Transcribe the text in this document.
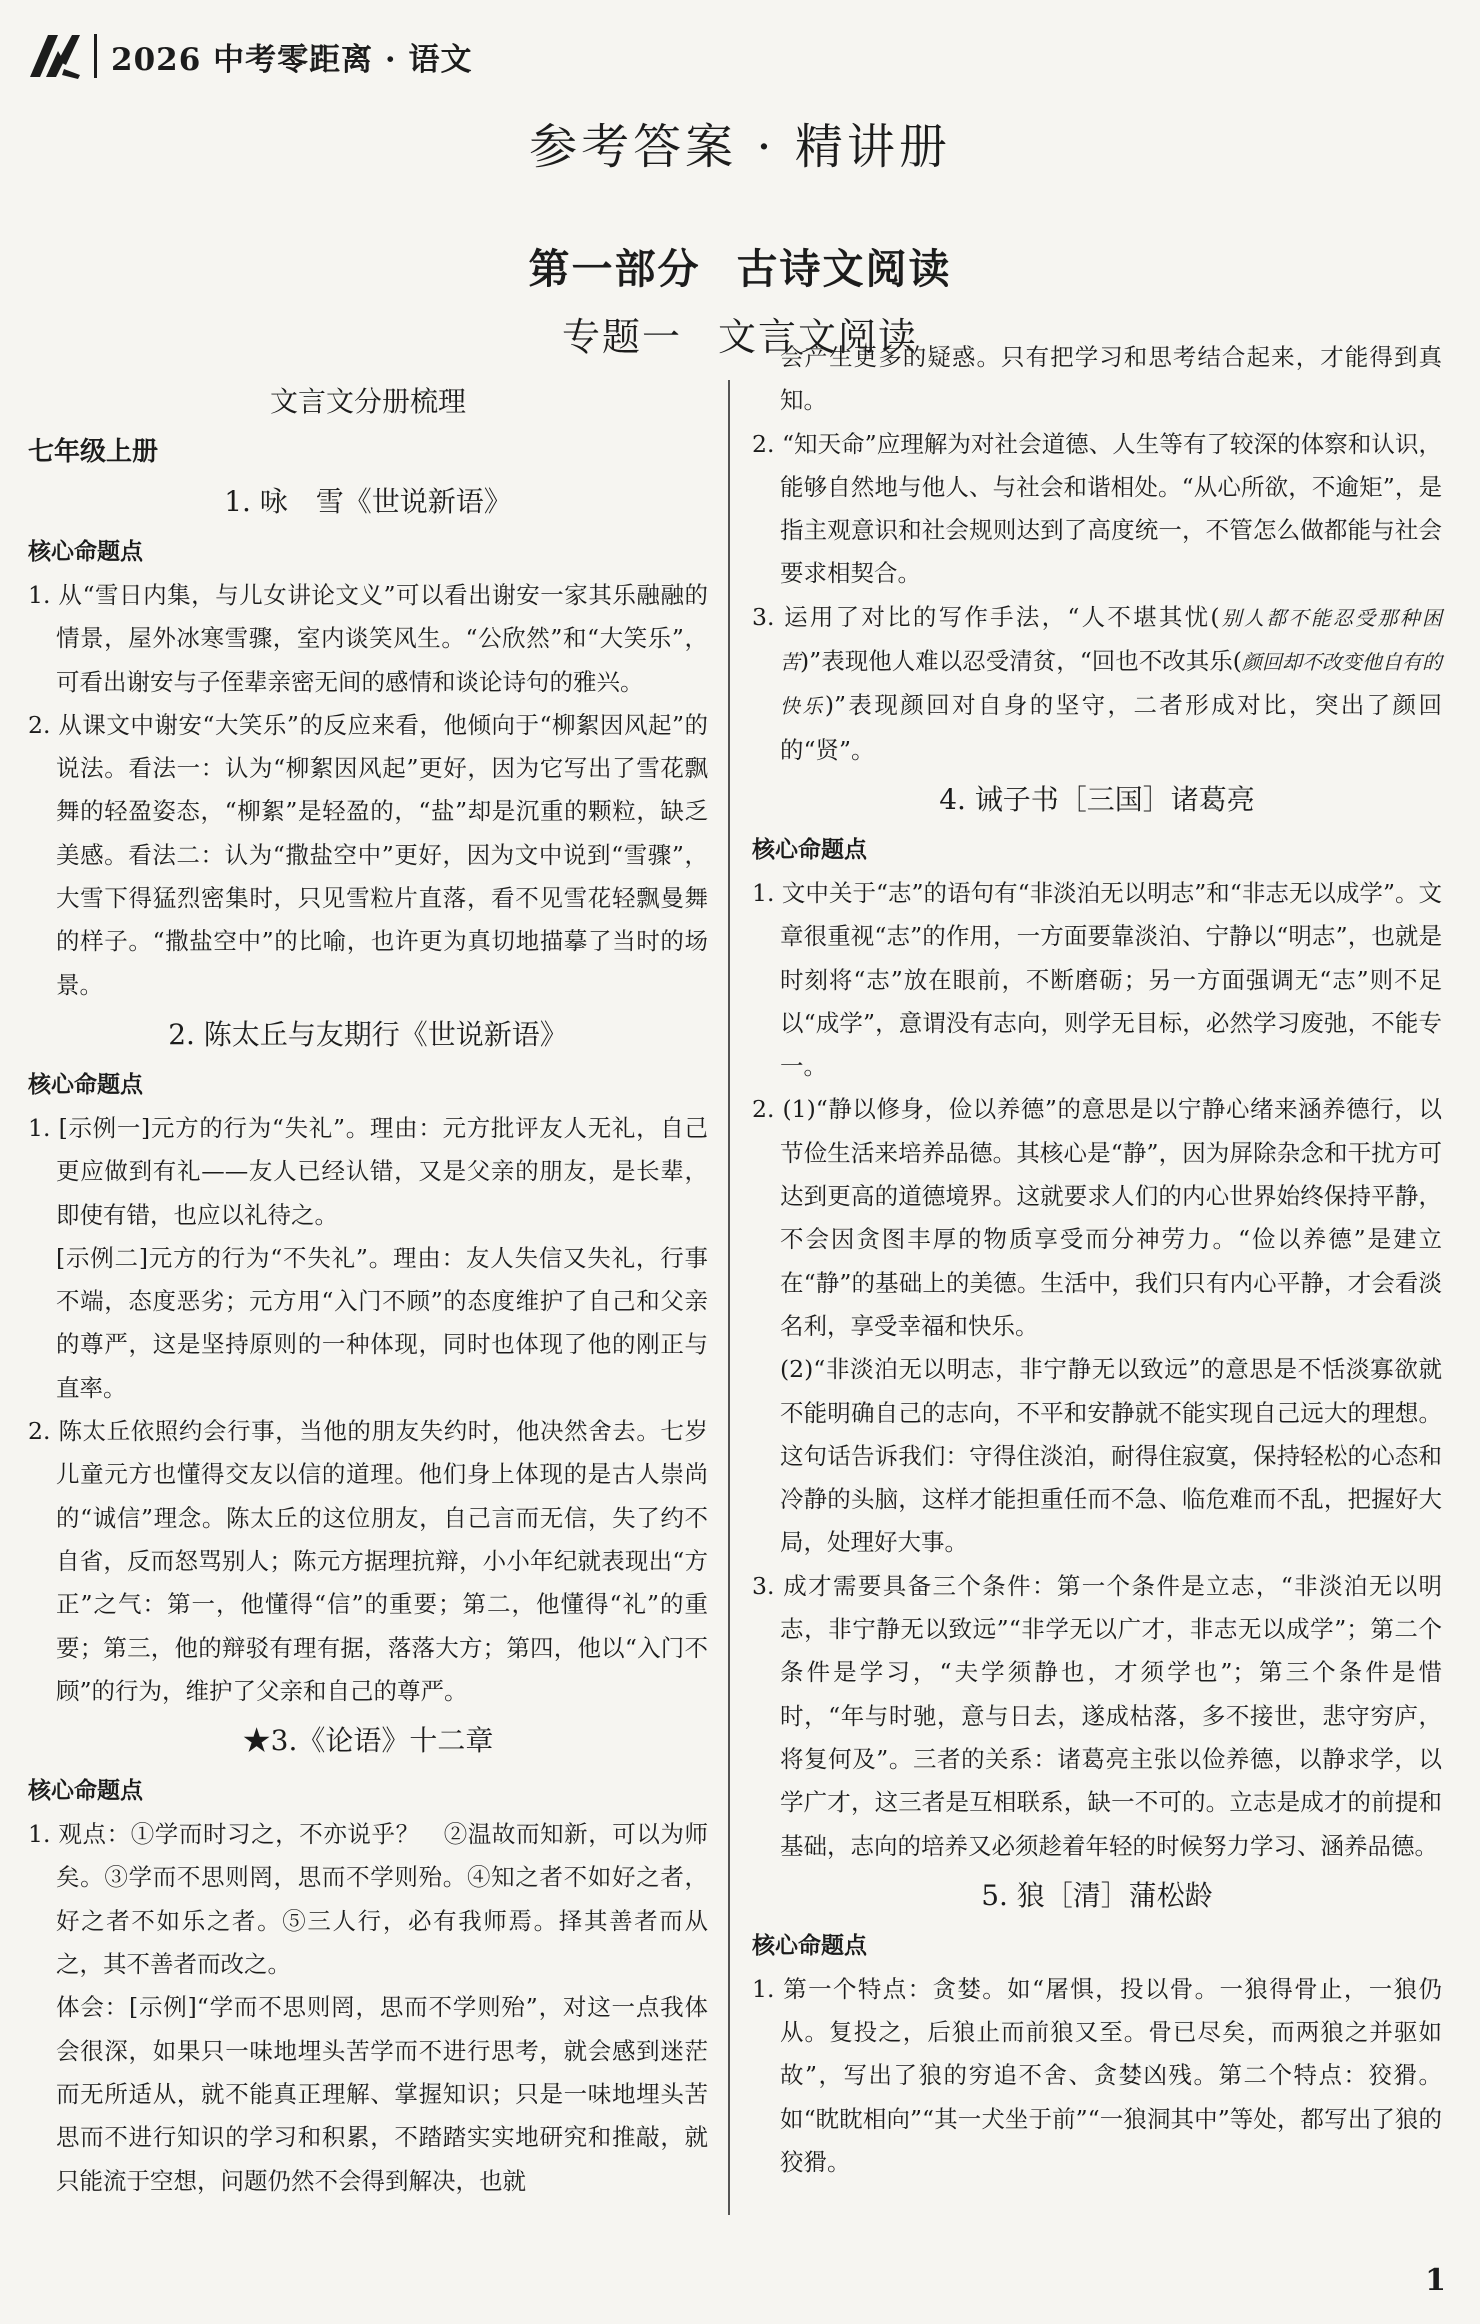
2026 中考零距离 · 语文
参考答案 · 精讲册
第一部分 古诗文阅读
专题一 文言文阅读
文言文分册梳理
七年级上册
1. 咏　雪《世说新语》
核心命题点

1. 从“雪日内集，与儿女讲论文义”可以看出谢安一家其乐融融的情景，屋外冰寒雪骤，室内谈笑风生。“公欣然”和“大笑乐”，可看出谢安与子侄辈亲密无间的感情和谈论诗句的雅兴。

2. 从课文中谢安“大笑乐”的反应来看，他倾向于“柳絮因风起”的说法。看法一：认为“柳絮因风起”更好，因为它写出了雪花飘舞的轻盈姿态，“柳絮”是轻盈的，“盐”却是沉重的颗粒，缺乏美感。看法二：认为“撒盐空中”更好，因为文中说到“雪骤”，大雪下得猛烈密集时，只见雪粒片直落，看不见雪花轻飘曼舞的样子。“撒盐空中”的比喻，也许更为真切地描摹了当时的场景。

2. 陈太丘与友期行《世说新语》
核心命题点

1. [示例一]元方的行为“失礼”。理由：元方批评友人无礼，自己更应做到有礼——友人已经认错，又是父亲的朋友，是长辈，即使有错，也应以礼待之。

[示例二]元方的行为“不失礼”。理由：友人失信又失礼，行事不端，态度恶劣；元方用“入门不顾”的态度维护了自己和父亲的尊严，这是坚持原则的一种体现，同时也体现了他的刚正与直率。

2. 陈太丘依照约会行事，当他的朋友失约时，他决然舍去。七岁儿童元方也懂得交友以信的道理。他们身上体现的是古人崇尚的“诚信”理念。陈太丘的这位朋友，自己言而无信，失了约不自省，反而怒骂别人；陈元方据理抗辩，小小年纪就表现出“方正”之气：第一，他懂得“信”的重要；第二，他懂得“礼”的重要；第三，他的辩驳有理有据，落落大方；第四，他以“入门不顾”的行为，维护了父亲和自己的尊严。

★3.《论语》十二章
核心命题点

1. 观点：①学而时习之，不亦说乎？　②温故而知新，可以为师矣。③学而不思则罔，思而不学则殆。④知之者不如好之者，好之者不如乐之者。⑤三人行，必有我师焉。择其善者而从之，其不善者而改之。

体会：[示例]“学而不思则罔，思而不学则殆”，对这一点我体会很深，如果只一味地埋头苦学而不进行思考，就会感到迷茫而无所适从，就不能真正理解、掌握知识；只是一味地埋头苦思而不进行知识的学习和积累，不踏踏实实地研究和推敲，就只能流于空想，问题仍然不会得到解决，也就

会产生更多的疑惑。只有把学习和思考结合起来，才能得到真知。

2. “知天命”应理解为对社会道德、人生等有了较深的体察和认识，能够自然地与他人、与社会和谐相处。“从心所欲，不逾矩”，是指主观意识和社会规则达到了高度统一，不管怎么做都能与社会要求相契合。

3. 运用了对比的写作手法，“人不堪其忧(别人都不能忍受那种困苦)”表现他人难以忍受清贫，“回也不改其乐(颜回却不改变他自有的快乐)”表现颜回对自身的坚守，二者形成对比，突出了颜回的“贤”。

4. 诫子书［三国］诸葛亮
核心命题点

1. 文中关于“志”的语句有“非淡泊无以明志”和“非志无以成学”。文章很重视“志”的作用，一方面要靠淡泊、宁静以“明志”，也就是时刻将“志”放在眼前，不断磨砺；另一方面强调无“志”则不足以“成学”，意谓没有志向，则学无目标，必然学习废弛，不能专一。

2. (1)“静以修身，俭以养德”的意思是以宁静心绪来涵养德行，以节俭生活来培养品德。其核心是“静”，因为屏除杂念和干扰方可达到更高的道德境界。这就要求人们的内心世界始终保持平静，不会因贪图丰厚的物质享受而分神劳力。“俭以养德”是建立在“静”的基础上的美德。生活中，我们只有内心平静，才会看淡名利，享受幸福和快乐。

(2)“非淡泊无以明志，非宁静无以致远”的意思是不恬淡寡欲就不能明确自己的志向，不平和安静就不能实现自己远大的理想。这句话告诉我们：守得住淡泊，耐得住寂寞，保持轻松的心态和冷静的头脑，这样才能担重任而不急、临危难而不乱，把握好大局，处理好大事。

3. 成才需要具备三个条件：第一个条件是立志，“非淡泊无以明志，非宁静无以致远”“非学无以广才，非志无以成学”；第二个条件是学习，“夫学须静也，才须学也”；第三个条件是惜时，“年与时驰，意与日去，遂成枯落，多不接世，悲守穷庐，将复何及”。三者的关系：诸葛亮主张以俭养德，以静求学，以学广才，这三者是互相联系，缺一不可的。立志是成才的前提和基础，志向的培养又必须趁着年轻的时候努力学习、涵养品德。

5. 狼［清］蒲松龄
核心命题点

1. 第一个特点：贪婪。如“屠惧，投以骨。一狼得骨止，一狼仍从。复投之，后狼止而前狼又至。骨已尽矣，而两狼之并驱如故”，写出了狼的穷追不舍、贪婪凶残。第二个特点：狡猾。如“眈眈相向”“其一犬坐于前”“一狼洞其中”等处，都写出了狼的狡猾。

1
